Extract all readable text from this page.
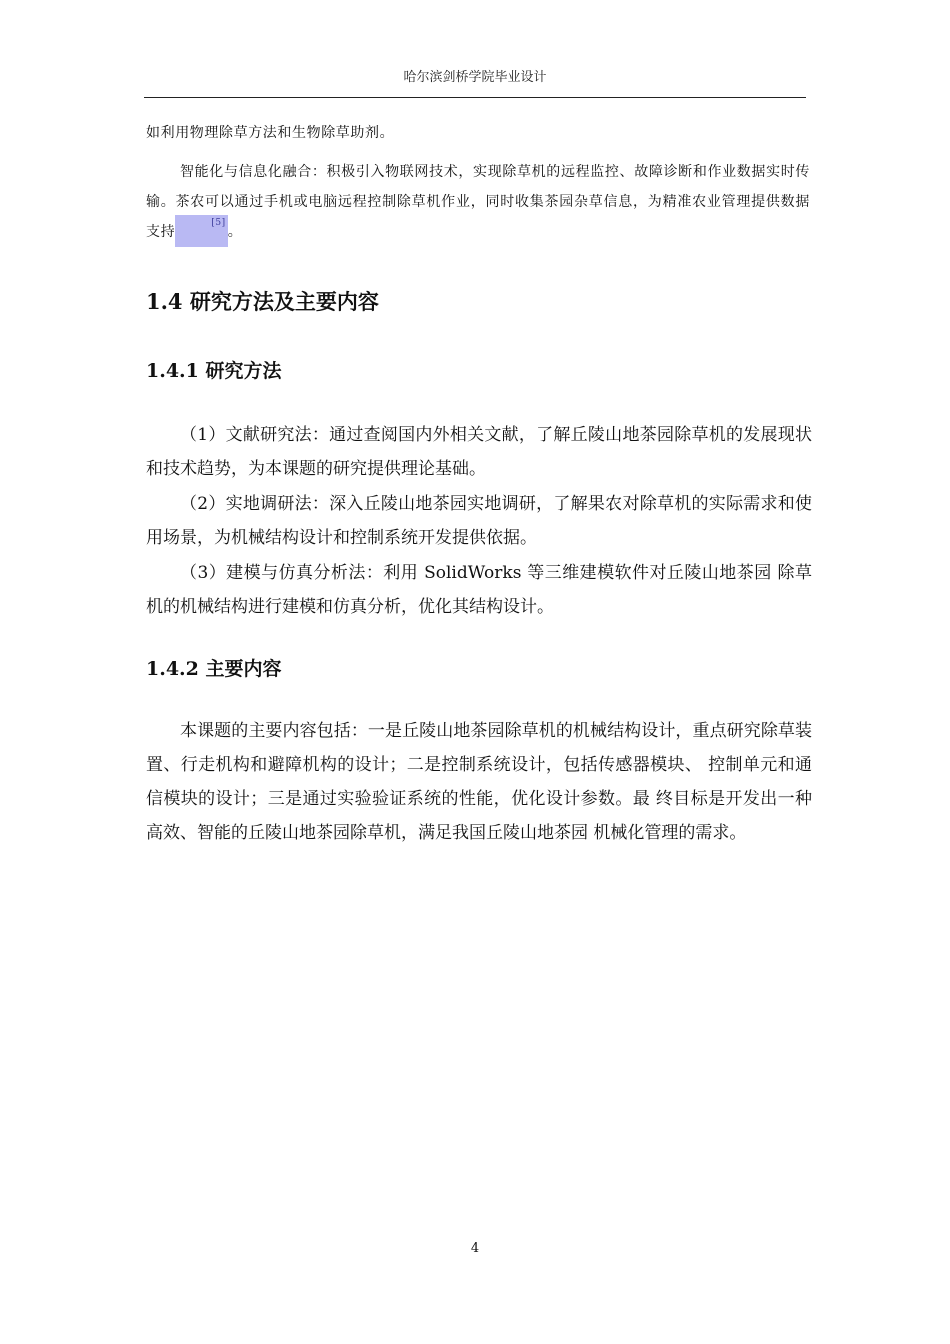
哈尔滨剑桥学院毕业设计
如利用物理除草方法和生物除草助剂。
智能化与信息化融合：积极引入物联网技术，实现除草机的远程监控、故障诊断和作业数据实时传输。茶农可以通过手机或电脑远程控制除草机作业，同时收集茶园杂草信息，为精准农业管理提供数据支持[5]。
1.4 研究方法及主要内容
1.4.1 研究方法
（1）文献研究法：通过查阅国内外相关文献，了解丘陵山地茶园除草机的发展现状和技术趋势，为本课题的研究提供理论基础。
（2）实地调研法：深入丘陵山地茶园实地调研，了解果农对除草机的实际需求和使用场景，为机械结构设计和控制系统开发提供依据。
（3）建模与仿真分析法：利用 SolidWorks 等三维建模软件对丘陵山地茶园 除草机的机械结构进行建模和仿真分析，优化其结构设计。
1.4.2 主要内容
本课题的主要内容包括：一是丘陵山地茶园除草机的机械结构设计，重点研究除草装置、行走机构和避障机构的设计；二是控制系统设计，包括传感器模块、 控制单元和通信模块的设计；三是通过实验验证系统的性能，优化设计参数。最 终目标是开发出一种高效、智能的丘陵山地茶园除草机，满足我国丘陵山地茶园 机械化管理的需求。
4
